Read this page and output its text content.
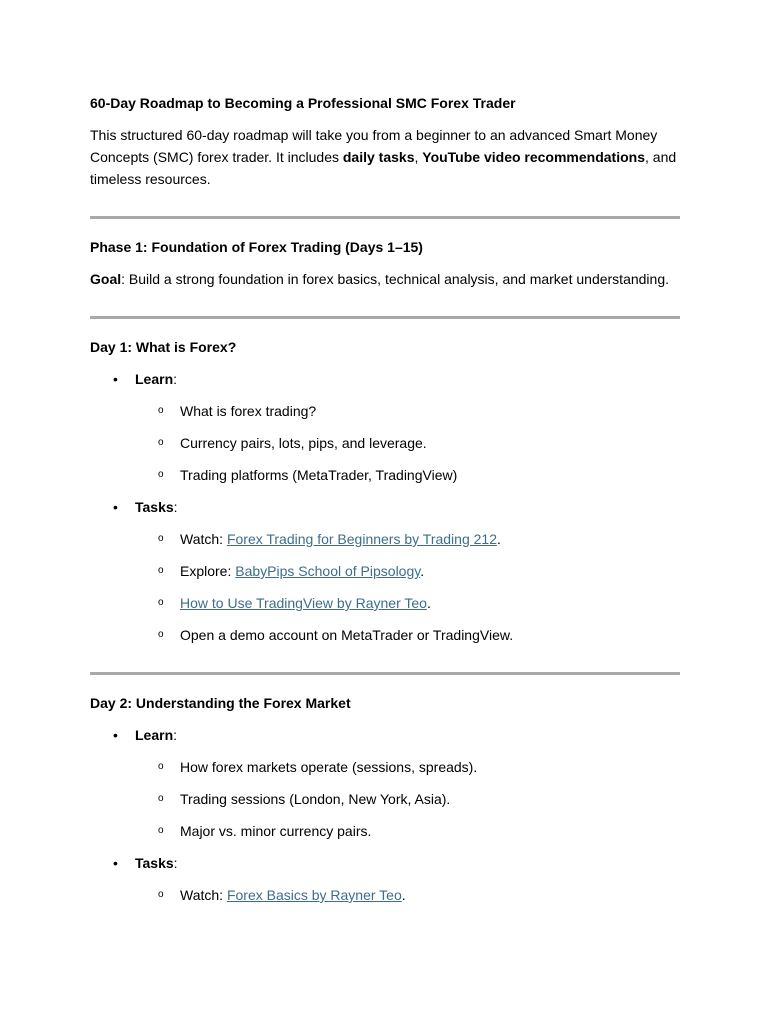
60-Day Roadmap to Becoming a Professional SMC Forex Trader

This structured 60-day roadmap will take you from a beginner to an advanced Smart Money Concepts (SMC) forex trader. It includes daily tasks, YouTube video recommendations, and timeless resources.

Phase 1: Foundation of Forex Trading (Days 1–15)

Goal: Build a strong foundation in forex basics, technical analysis, and market understanding.

Day 1: What is Forex?
•	Learn:
o What is forex trading?
o Currency pairs, lots, pips, and leverage.
o Trading platforms (MetaTrader, TradingView)
•	Tasks:
o Watch: Forex Trading for Beginners by Trading 212.
o Explore: BabyPips School of Pipsology.
o How to Use TradingView by Rayner Teo.
o Open a demo account on MetaTrader or TradingView.
Day 2: Understanding the Forex Market
•	Learn:
o How forex markets operate (sessions, spreads).
o Trading sessions (London, New York, Asia).
o Major vs. minor currency pairs.
•	Tasks:
o Watch: Forex Basics by Rayner Teo.
